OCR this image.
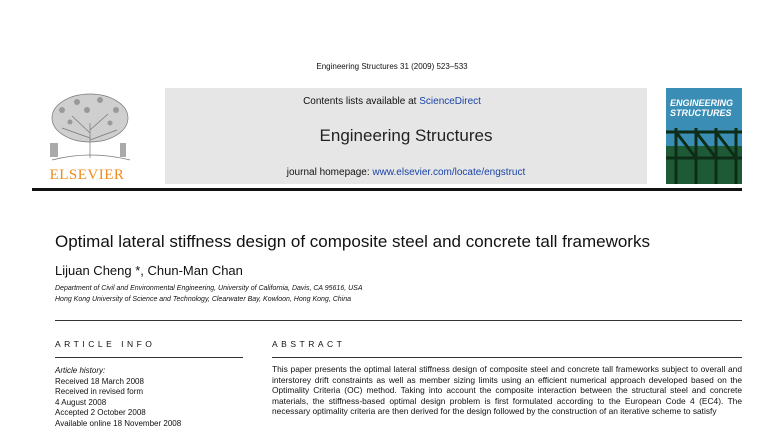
Engineering Structures 31 (2009) 523–533
ELSEVIER
Contents lists available at ScienceDirect
Engineering Structures
journal homepage: www.elsevier.com/locate/engstruct
ENGINEERING STRUCTURES
Optimal lateral stiffness design of composite steel and concrete tall frameworks
Lijuan Cheng *, Chun-Man Chan
Department of Civil and Environmental Engineering, University of California, Davis, CA 95616, USA
Hong Kong University of Science and Technology, Clearwater Bay, Kowloon, Hong Kong, China
ARTICLE INFO	ABSTRACT
Article history:
Received 18 March 2008
Received in revised form
4 August 2008
Accepted 2 October 2008
Available online 18 November 2008
This paper presents the optimal lateral stiffness design of composite steel and concrete tall frameworks subject to overall and interstorey drift constraints as well as member sizing limits using an efficient numerical approach developed based on the Optimality Criteria (OC) method. Taking into account the composite interaction between the structural steel and concrete materials, the stiffness-based optimal design problem is first formulated according to the European Code 4 (EC4). The necessary optimality criteria are then derived for the design followed by the construction of an iterative scheme to satisfy
